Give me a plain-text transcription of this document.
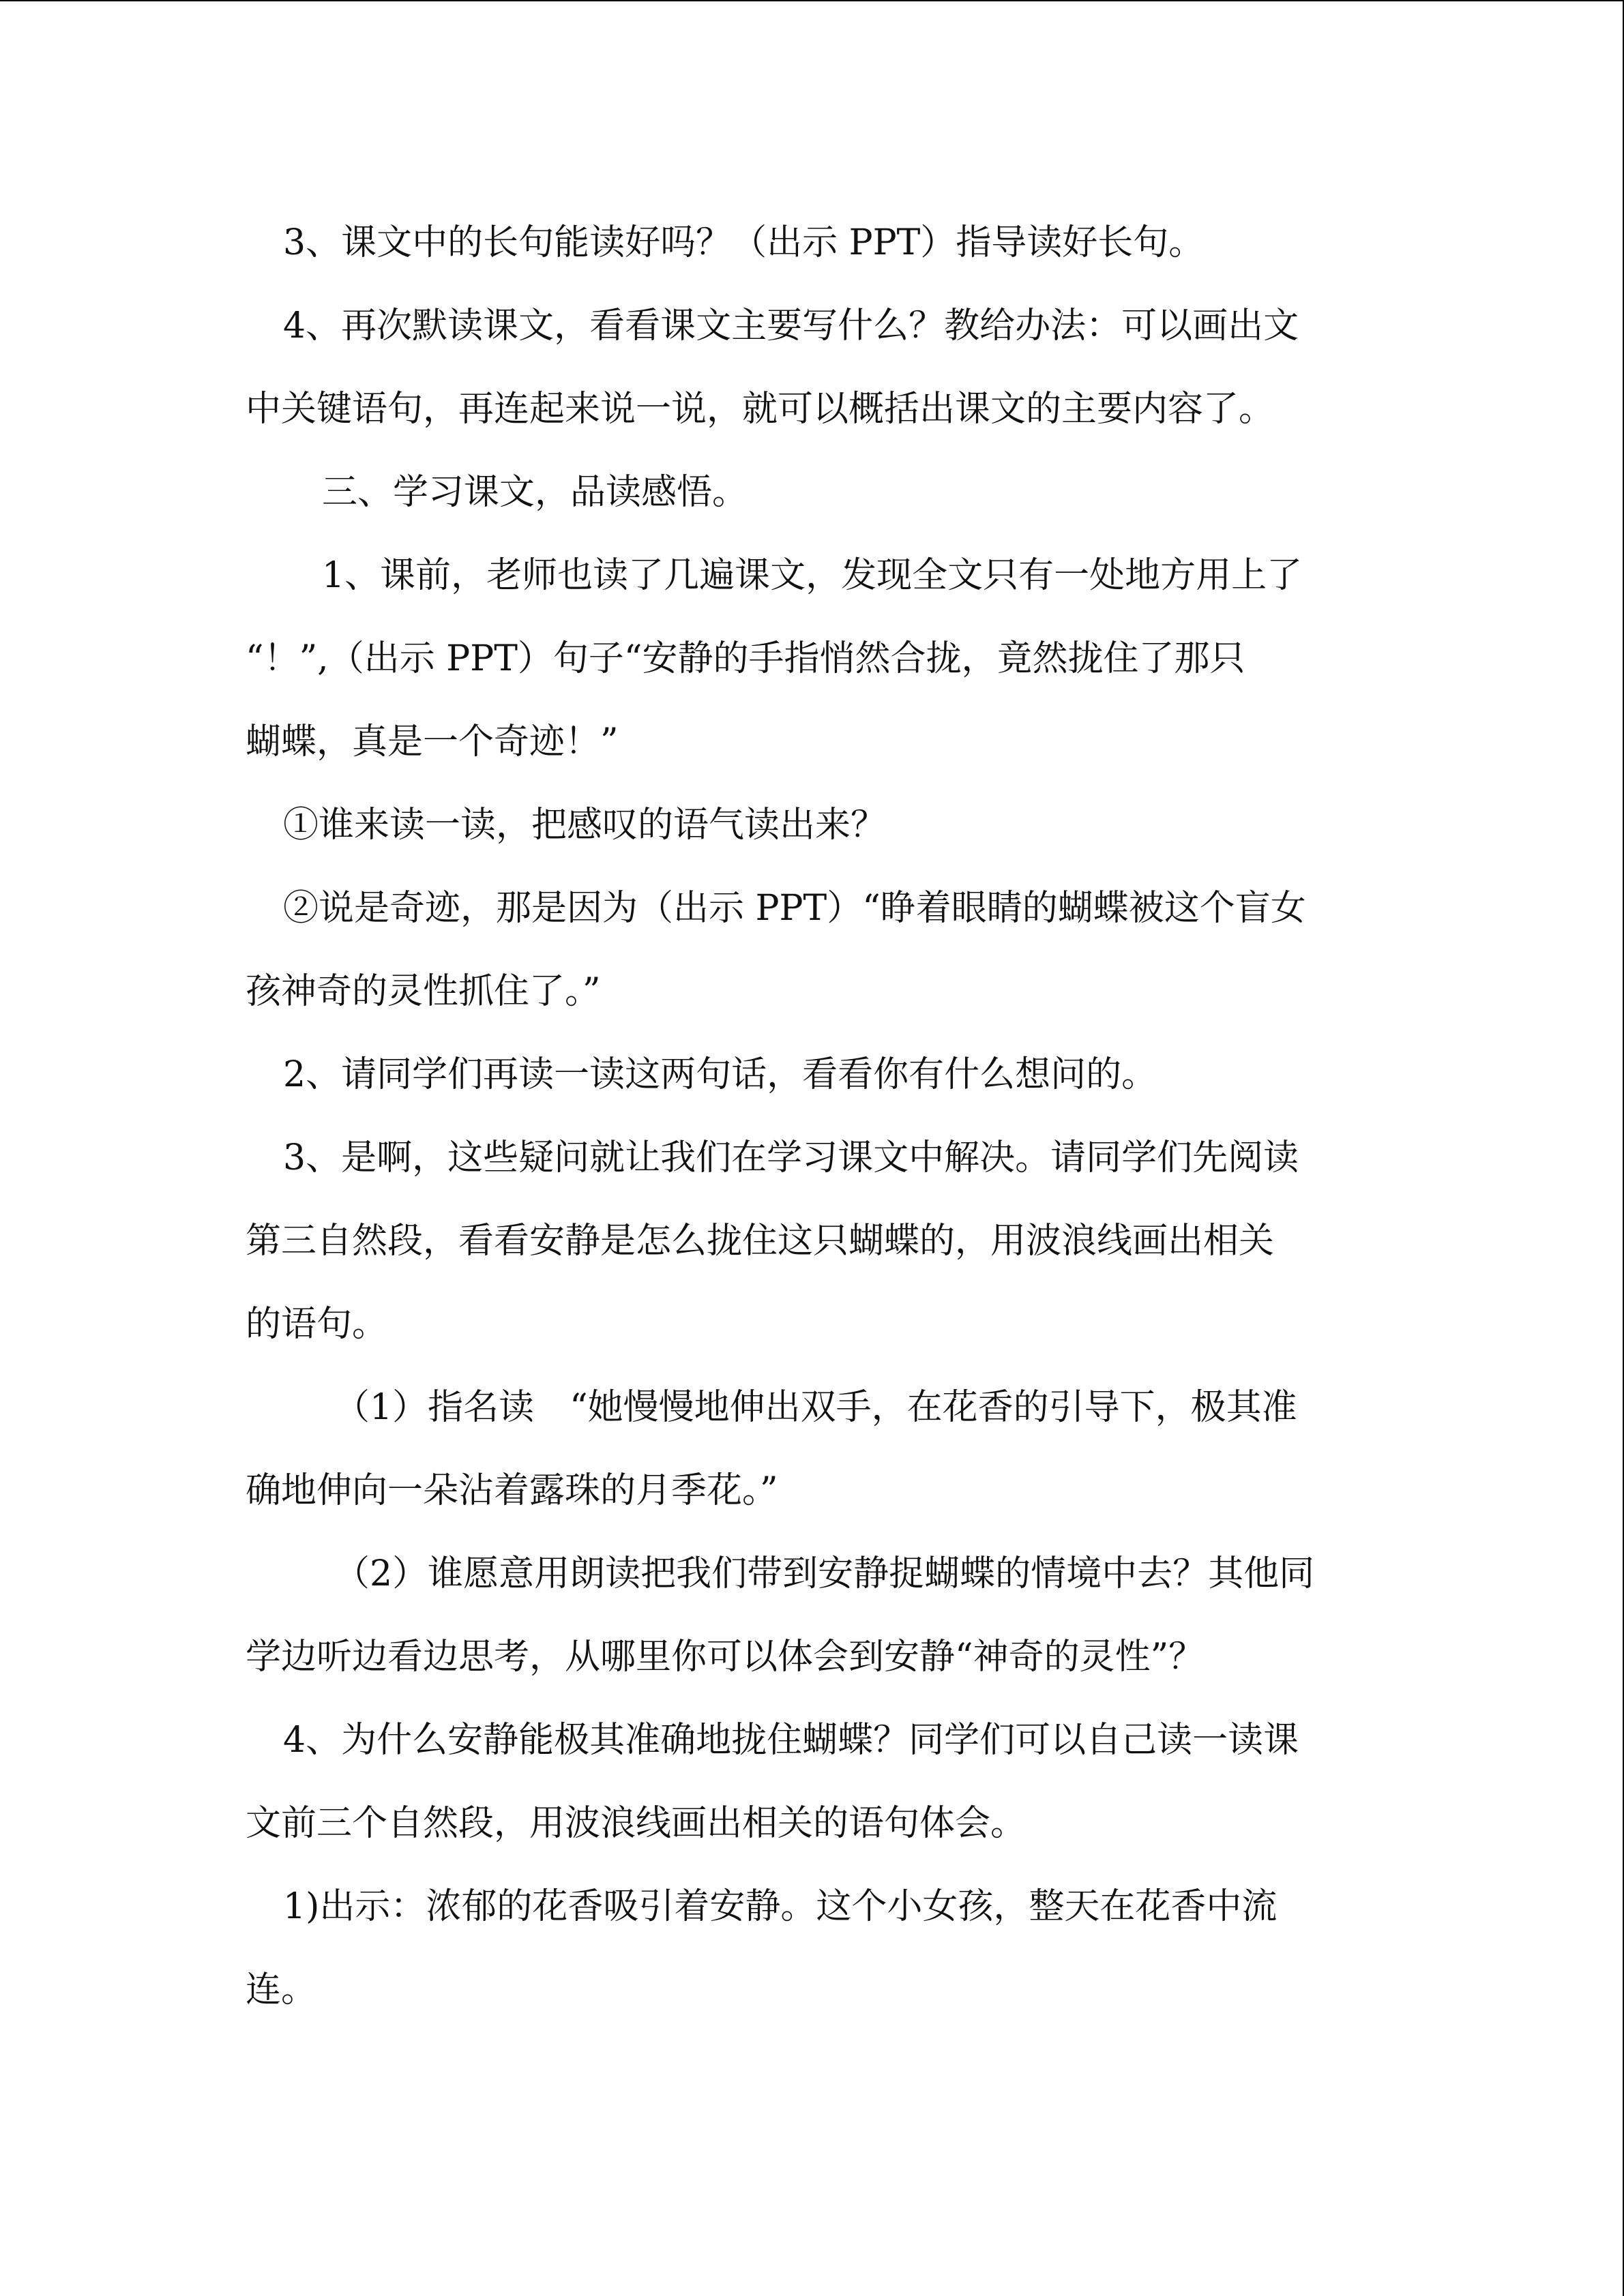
3、课文中的长句能读好吗？（出示 PPT）指导读好长句。
4、再次默读课文，看看课文主要写什么？教给办法：可以画出文
中关键语句，再连起来说一说，就可以概括出课文的主要内容了。
三、学习课文，品读感悟。
1、课前，老师也读了几遍课文，发现全文只有一处地方用上了
“！”,（出示 PPT）句子“安静的手指悄然合拢，竟然拢住了那只
蝴蝶，真是一个奇迹！”
①谁来读一读，把感叹的语气读出来？
②说是奇迹，那是因为（出示 PPT）“睁着眼睛的蝴蝶被这个盲女
孩神奇的灵性抓住了。”
2、请同学们再读一读这两句话，看看你有什么想问的。
3、是啊，这些疑问就让我们在学习课文中解决。请同学们先阅读
第三自然段，看看安静是怎么拢住这只蝴蝶的，用波浪线画出相关
的语句。
（1）指名读　“她慢慢地伸出双手，在花香的引导下，极其准
确地伸向一朵沾着露珠的月季花。”
（2）谁愿意用朗读把我们带到安静捉蝴蝶的情境中去？其他同
学边听边看边思考，从哪里你可以体会到安静“神奇的灵性”？
4、为什么安静能极其准确地拢住蝴蝶？同学们可以自己读一读课
文前三个自然段，用波浪线画出相关的语句体会。
1)出示：浓郁的花香吸引着安静。这个小女孩，整天在花香中流
连。
